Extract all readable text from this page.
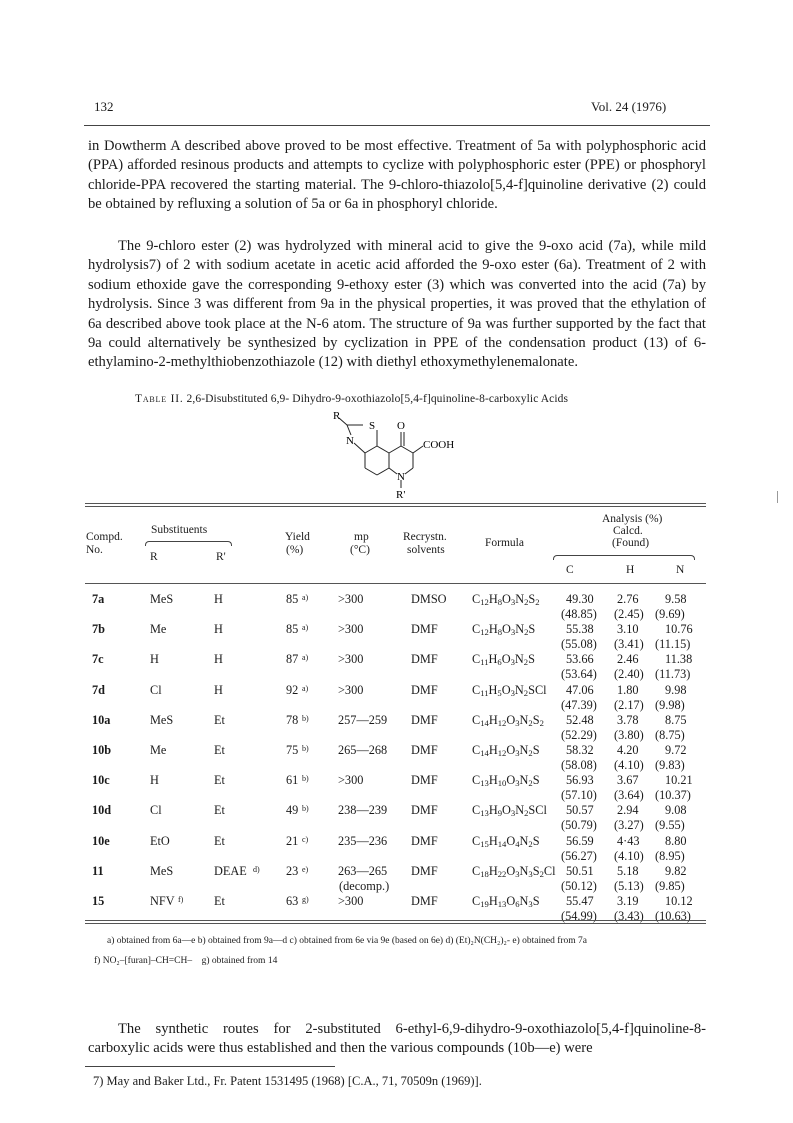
132	Vol. 24 (1976)

in Dowtherm A described above proved to be most effective. Treatment of 5a with polyphosphoric acid (PPA) afforded resinous products and attempts to cyclize with polyphosphoric ester (PPE) or phosphoryl chloride-PPA recovered the starting material. The 9-chloro-thiazolo[5,4-f]quinoline derivative (2) could be obtained by refluxing a solution of 5a or 6a in phosphoryl chloride.

The 9-chloro ester (2) was hydrolyzed with mineral acid to give the 9-oxo acid (7a), while mild hydrolysis7) of 2 with sodium acetate in acetic acid afforded the 9-oxo ester (6a). Treatment of 2 with sodium ethoxide gave the corresponding 9-ethoxy ester (3) which was converted into the acid (7a) by hydrolysis. Since 3 was different from 9a in the physical properties, it was proved that the ethylation of 6a described above took place at the N-6 atom. The structure of 9a was further supported by the fact that 9a could alternatively be synthesized by cyclization in PPE of the condensation product (13) of 6-ethylamino-2-methylthiobenzothiazole (12) with diethyl ethoxymethylenemalonate.

Table II. 2,6-Disubstituted 6,9- Dihydro-9-oxothiazolo[5,4-f]quinoline-8-carboxylic Acids
R
S O
N	COOH
N
R'
Compd.
No.
Substituents
R	R'
Yield
(%)
mp
(°C)
Recrystn.
solvents
Formula
Analysis (%)
Calcd.
(Found)
C	H	N
7a	MeS	H	85 a) >300	DMSO	49.30 2.76 9.58
$C_{12}H_8O_3N_2S_2$
(48.85) (2.45) (9.69)
7b	Me	H	85 a) >300	DMF	55.38 3.10 10.76
$C_{12}H_8O_3N_2S$
(55.08) (3.41) (11.15)
7c	H	H	87 a) >300	DMF	53.66 2.46 11.38
$C_{11}H_6O_3N_2S$
(53.64) (2.40) (11.73)
7d	Cl	H	92 a) >300	DMF	47.06 1.80 9.98
$C_{11}H_5O_3N_2SCl$
(47.39) (2.17) (9.98)
10a	MeS	Et	78 b) 257—259 DMF	52.48 3.78 8.75
$C_{14}H_{12}O_3N_2S_2$
(52.29) (3.80) (8.75)
10b	Me	Et	75 b) 265—268 DMF	58.32 4.20 9.72
$C_{14}H_{12}O_3N_2S$
(58.08) (4.10) (9.83)
10c	H	Et	61 b) >300	DMF	56.93 3.67 10.21
$C_{13}H_{10}O_3N_2S$
(57.10) (3.64) (10.37)
10d	Cl	Et	49 b) 238—239 DMF	50.57 2.94 9.08
$C_{13}H_9O_3N_2SCl$
(50.79) (3.27) (9.55)
10e	EtO	Et	21 c) 235—236 DMF	56.59 4·43 8.80
$C_{15}H_{14}O_4N_2S$
(56.27) (4.10) (8.95)
11	MeS	DEAE d) 23 e) 263—265 DMF	50.51 5.18 9.82
(decomp.)
$C_{18}H_{22}O_3N_3S_2Cl$
(50.12) (5.13) (9.85)
15	NFV f) Et	63 g) >300	DMF	55.47 3.19 10.12
$C_{19}H_{13}O_6N_3S$
(54.99) (3.43) (10.63)
a) obtained from 6a—e b) obtained from 9a—d c) obtained from 6e via 9e (based on 6e) d) (Et)₂N(CH₂)₂- e) obtained from 7a
f) NO₂–[furan]–CH=CH– g) obtained from 14

The synthetic routes for 2-substituted 6-ethyl-6,9-dihydro-9-oxothiazolo[5,4-f]quinoline-8-carboxylic acids were thus established and then the various compounds (10b—e) were

7) May and Baker Ltd., Fr. Patent 1531495 (1968) [C.A., 71, 70509n (1969)].
